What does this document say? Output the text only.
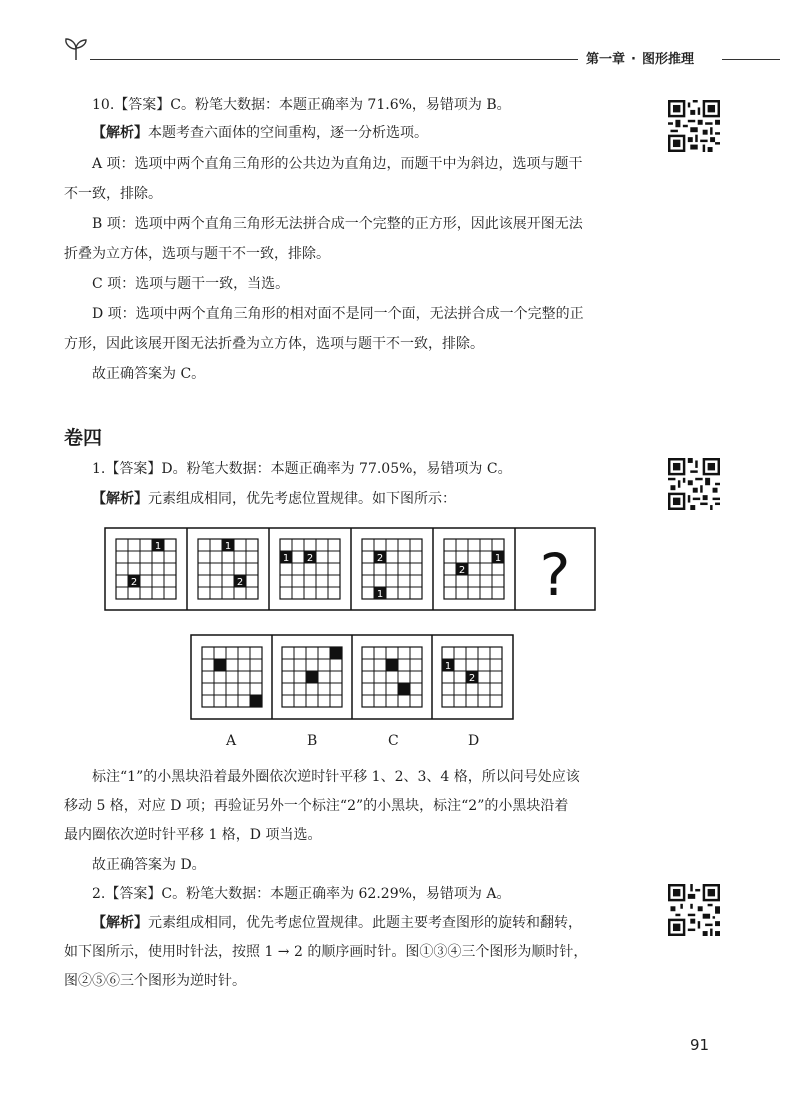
第一章 · 图形推理
10.【答案】C。粉笔大数据：本题正确率为 71.6%，易错项为 B。
【解析】本题考查六面体的空间重构，逐一分析选项。
A 项：选项中两个直角三角形的公共边为直角边，而题干中为斜边，选项与题干
不一致，排除。
B 项：选项中两个直角三角形无法拼合成一个完整的正方形，因此该展开图无法
折叠为立方体，选项与题干不一致，排除。
C 项：选项与题干一致，当选。
D 项：选项中两个直角三角形的相对面不是同一个面，无法拼合成一个完整的正
方形，因此该展开图无法折叠为立方体，选项与题干不一致，排除。
故正确答案为 C。
卷四
1.【答案】D。粉笔大数据：本题正确率为 77.05%，易错项为 C。
【解析】元素组成相同，优先考虑位置规律。如下图所示：
1
2
1
2
1 2	2
1
1
2 ?
1
2
A	B	C	D
标注“1”的小黑块沿着最外圈依次逆时针平移 1、2、3、4 格，所以问号处应该
移动 5 格，对应 D 项；再验证另外一个标注“2”的小黑块，标注“2”的小黑块沿着
最内圈依次逆时针平移 1 格，D 项当选。
故正确答案为 D。
2.【答案】C。粉笔大数据：本题正确率为 62.29%，易错项为 A。
【解析】元素组成相同，优先考虑位置规律。此题主要考查图形的旋转和翻转，
如下图所示，使用时针法，按照 1 → 2 的顺序画时针。图①③④三个图形为顺时针，
图②⑤⑥三个图形为逆时针。
91
